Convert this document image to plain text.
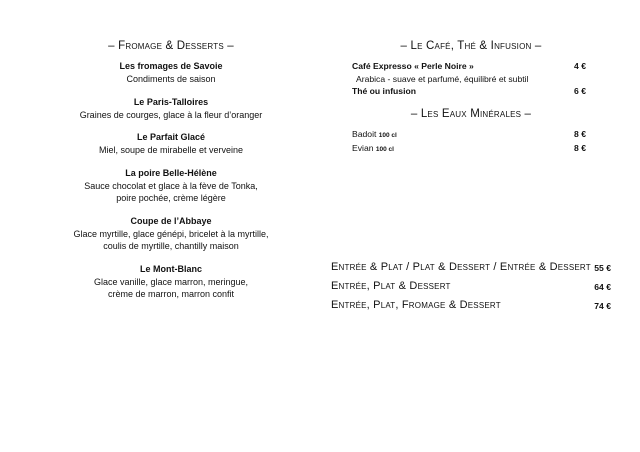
– Fromage & Desserts –
Les fromages de Savoie
Condiments de saison
Le Paris-Talloires
Graines de courges, glace à la fleur d’oranger
Le Parfait Glacé
Miel, soupe de mirabelle et verveine
La poire Belle-Hélène
Sauce chocolat et glace à la fève de Tonka,
poire pochée, crème légère
Coupe de l’Abbaye
Glace myrtille, glace génépi, bricelet à la myrtille,
coulis de myrtille, chantilly maison
Le Mont-Blanc
Glace vanille, glace marron, meringue,
crème de marron, marron confit
– Le Café, Thé & Infusion –
Café Expresso « Perle Noire »	4 €
Arabica - suave et parfumé, équilibré et subtil
Thé ou infusion	6 €
– Les Eaux Minérales –
Badoit 100 cl	8 €
Evian 100 cl	8 €
Entrée & Plat / Plat & Dessert / Entrée & Dessert 55 €
Entrée, Plat & Dessert	64 €
Entrée, Plat, Fromage & Dessert	74 €
